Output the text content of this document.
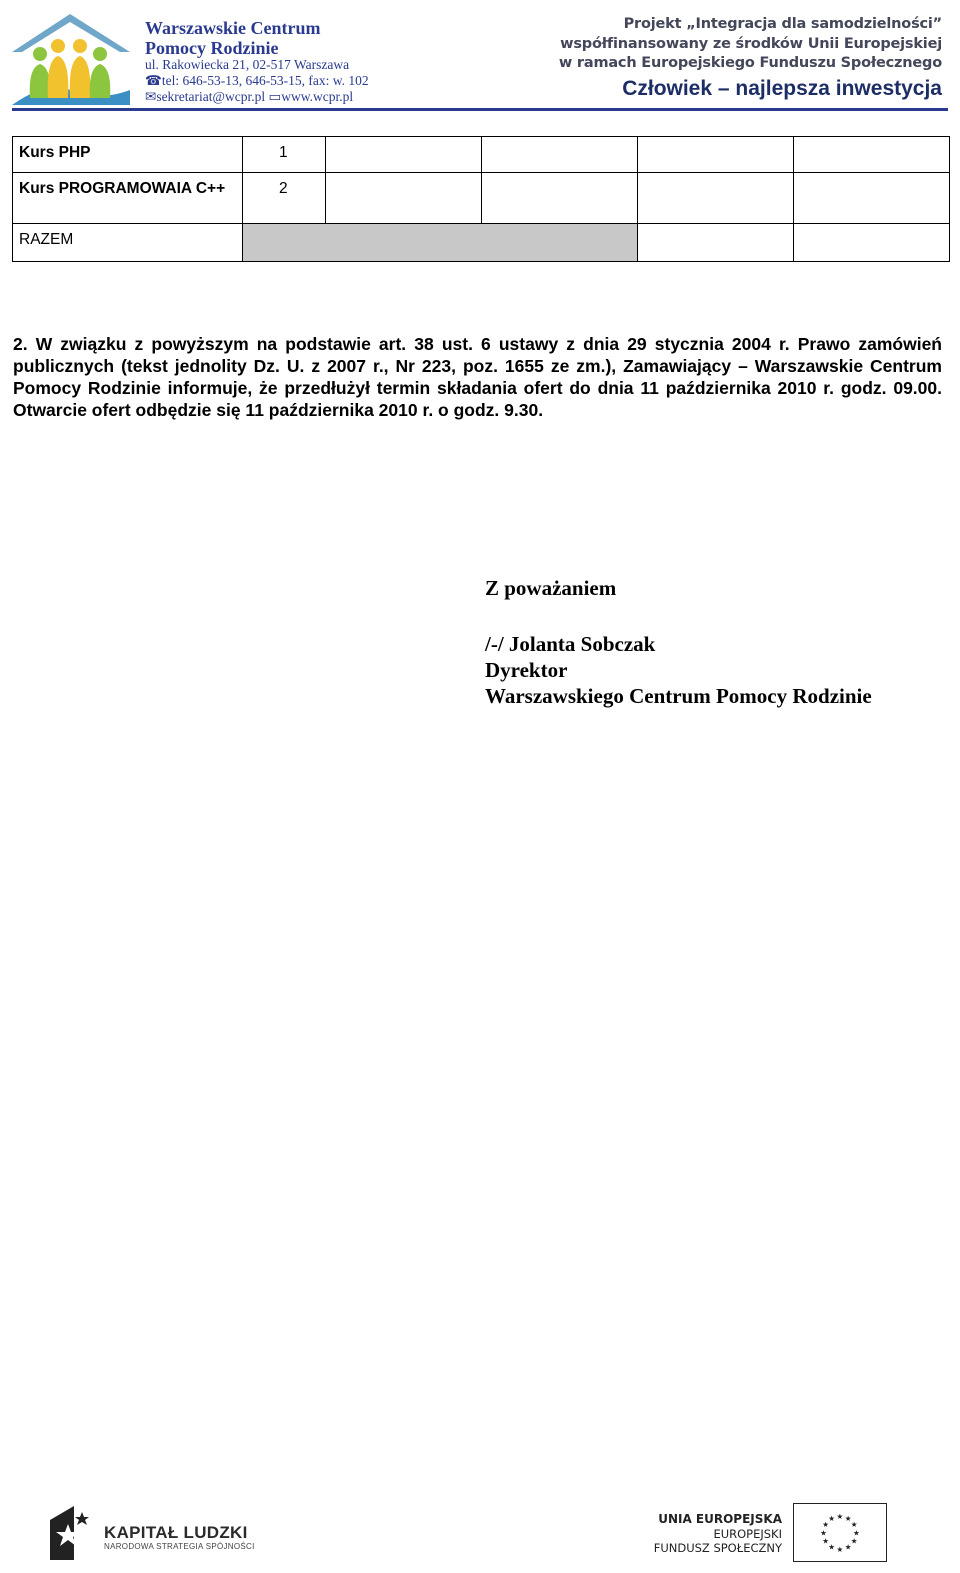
Warszawskie Centrum
Pomocy Rodzinie
ul. Rakowiecka 21, 02-517 Warszawa
☎tel: 646-53-13, 646-53-15, fax: w. 102
✉sekretariat@wcpr.pl ▭www.wcpr.pl
Projekt „Integracja dla samodzielności”
współfinansowany ze środków Unii Europejskiej
w ramach Europejskiego Funduszu Społecznego
Człowiek – najlepsza inwestycja
Kurs PHP	1				
Kurs PROGRAMOWAIA C++	2				
RAZEM					
2. W związku z powyższym na podstawie art. 38 ust. 6 ustawy z dnia 29 stycznia 2004 r. Prawo zamówień publicznych (tekst jednolity Dz. U. z 2007 r., Nr 223, poz. 1655 ze zm.), Zamawiający – Warszawskie Centrum Pomocy Rodzinie informuje, że przedłużył termin składania ofert do dnia 11 października 2010 r. godz. 09.00. Otwarcie ofert odbędzie się 11 października 2010 r. o godz. 9.30.
Z poważaniem
/-/ Jolanta Sobczak
Dyrektor
Warszawskiego Centrum Pomocy Rodzinie
KAPITAŁ LUDZKI
NARODOWA STRATEGIA SPÓJNOŚCI
UNIA EUROPEJSKA
EUROPEJSKI
FUNDUSZ SPOŁECZNY
★
★
★
★
★
★
★
★
★ ★ ★
★
